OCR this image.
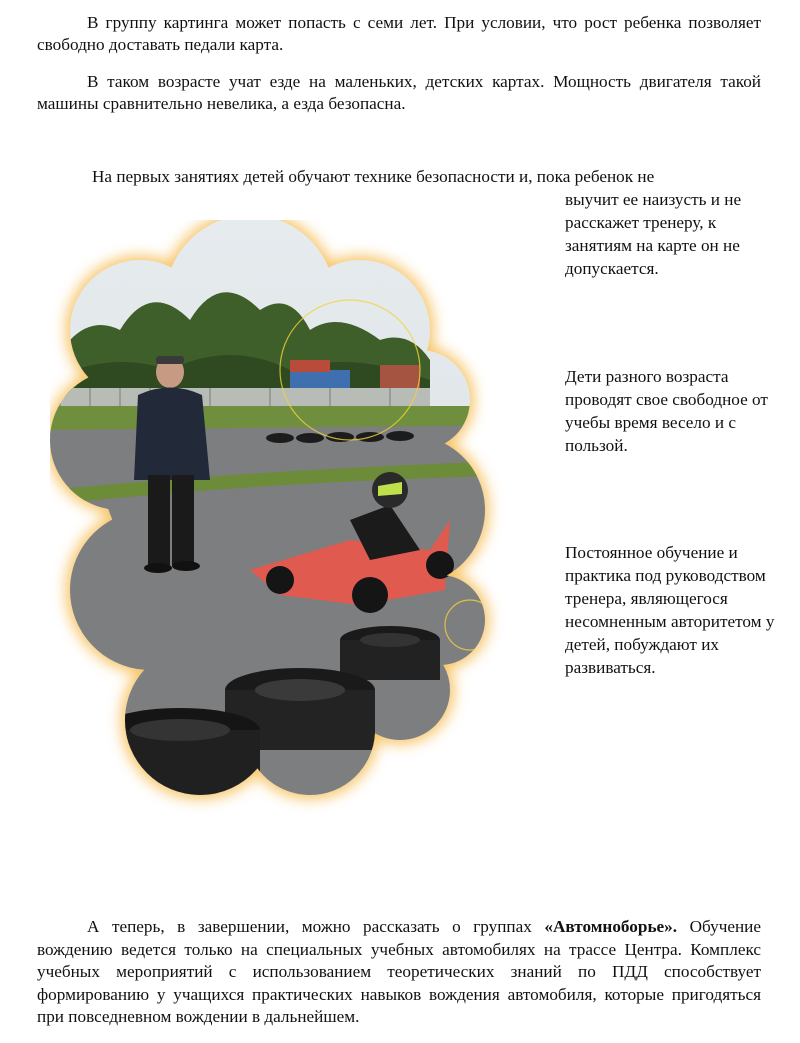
В группу картинга может попасть с семи лет. При условии, что рост ребенка позволяет свободно доставать педали карта.

В таком возрасте учат езде на маленьких, детских картах. Мощность двигателя такой машины сравнительно невелика, а езда безопасна.

На первых занятиях детей обучают технике безопасности и, пока ребенок не

выучит ее наизусть и не расскажет тренеру, к занятиям на карте он не допускается.

Дети разного возраста проводят свое свободное от учебы время весело и с пользой.

Постоянное обучение и практика под руководством тренера, являющегося несомненным авторитетом у детей, побуждают их развиваться.

А теперь, в завершении, можно рассказать о группах «Автомноборье». Обучение вождению ведется только на специальных учебных автомобилях на трассе Центра. Комплекс учебных мероприятий с использованием теоретических знаний по ПДД способствует формированию у учащихся практических навыков вождения автомобиля, которые пригодяться при повседневном вождении в дальнейшем.
